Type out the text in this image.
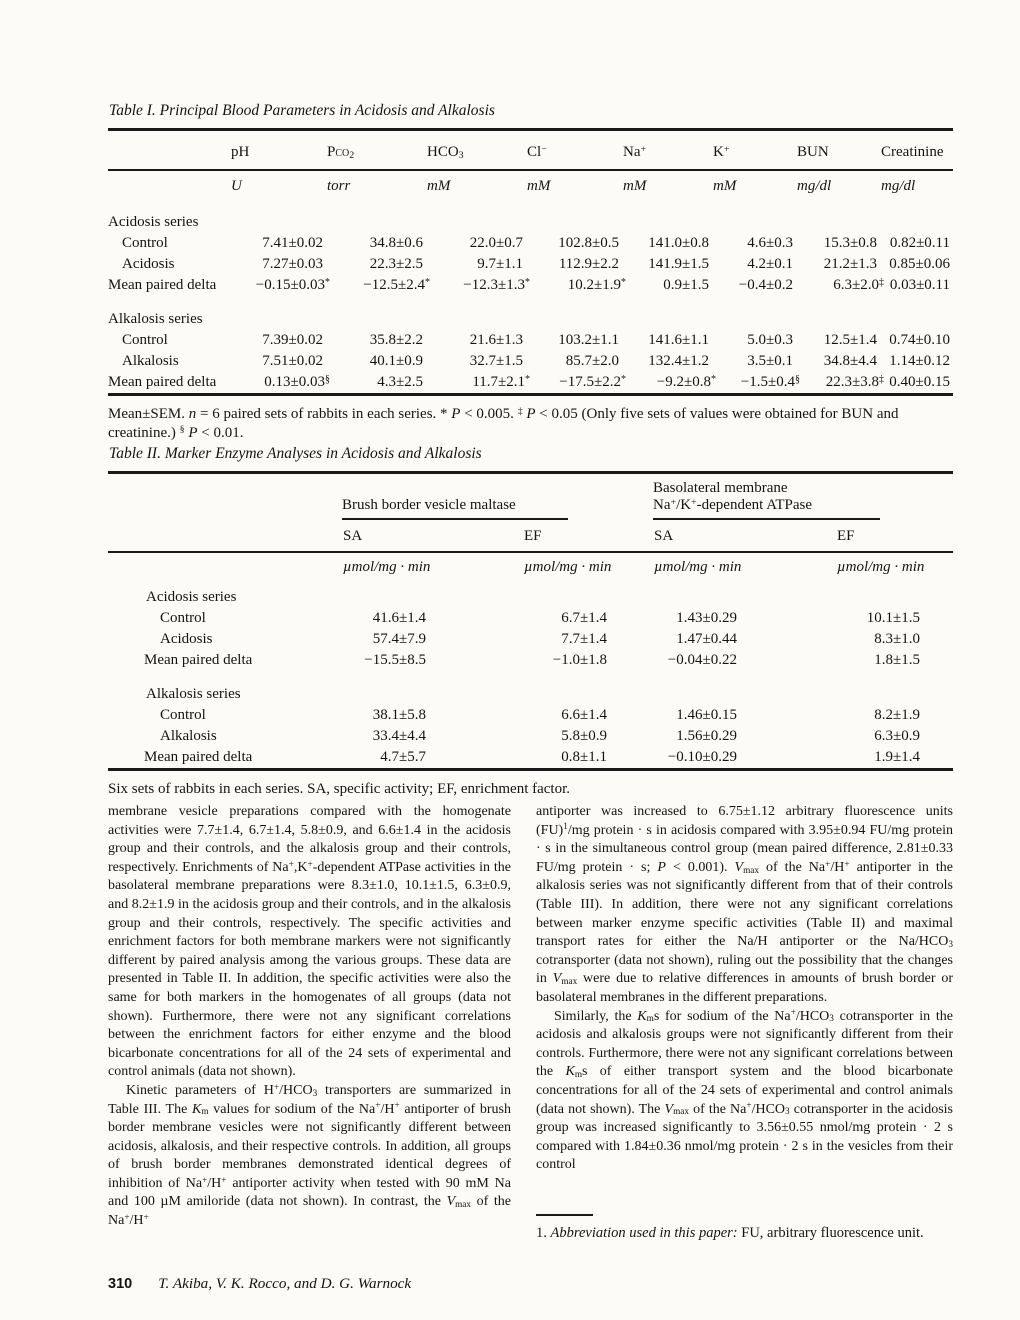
Table I. Principal Blood Parameters in Acidosis and Alkalosis
	pH	Pco$_2$	$HCO_3$	Cl−	Na+	K+	BUN	Creatinine
	U	torr	mM	mM	mM	mM	mg/dl	mg/dl
Acidosis series								
Control	7.41±0.02	34.8±0.6	22.0±0.7	102.8±0.5	141.0±0.8	4.6±0.3	15.3±0.8	0.82±0.11
Acidosis	7.27±0.03	22.3±2.5	9.7±1.1	112.9±2.2	141.9±1.5	4.2±0.1	21.2±1.3	0.85±0.06
Mean paired delta	−0.15±0.03*	−12.5±2.4*	−12.3±1.3*	10.2±1.9*	0.9±1.5	−0.4±0.2	6.3±2.0‡	0.03±0.11
Alkalosis series								
Control	7.39±0.02	35.8±2.2	21.6±1.3	103.2±1.1	141.6±1.1	5.0±0.3	12.5±1.4	0.74±0.10
Alkalosis	7.51±0.02	40.1±0.9	32.7±1.5	85.7±2.0	132.4±1.2	3.5±0.1	34.8±4.4	1.14±0.12
Mean paired delta	0.13±0.03§	4.3±2.5	11.7±2.1*	−17.5±2.2*	−9.2±0.8*	−1.5±0.4§	22.3±3.8‡	0.40±0.15
Mean±SEM. n = 6 paired sets of rabbits in each series. * P < 0.005. ‡ P < 0.05 (Only five sets of values were obtained for BUN and creatinine.) § P < 0.01.
Table II. Marker Enzyme Analyses in Acidosis and Alkalosis

	Brush border vesicle maltase		Basolateral membrane
Na+/K+-dependent ATPase	

	SA	EF	SA	EF
	µmol/mg · min	µmol/mg · min	µmol/mg · min	µmol/mg · min
Acidosis series				
Control	41.6±1.4	6.7±1.4	1.43±0.29	10.1±1.5
Acidosis	57.4±7.9	7.7±1.4	1.47±0.44	8.3±1.0
Mean paired delta	−15.5±8.5	−1.0±1.8	−0.04±0.22	1.8±1.5
Alkalosis series				
Control	38.1±5.8	6.6±1.4	1.46±0.15	8.2±1.9
Alkalosis	33.4±4.4	5.8±0.9	1.56±0.29	6.3±0.9
Mean paired delta	4.7±5.7	0.8±1.1	−0.10±0.29	1.9±1.4
Six sets of rabbits in each series. SA, specific activity; EF, enrichment factor.

membrane vesicle preparations compared with the homogenate activities were 7.7±1.4, 6.7±1.4, 5.8±0.9, and 6.6±1.4 in the acidosis group and their controls, and the alkalosis group and their controls, respectively. Enrichments of Na+,K+-dependent ATPase activities in the basolateral membrane preparations were 8.3±1.0, 10.1±1.5, 6.3±0.9, and 8.2±1.9 in the acidosis group and their controls, and in the alkalosis group and their controls, respectively. The specific activities and enrichment factors for both membrane markers were not significantly different by paired analysis among the various groups. These data are presented in Table II. In addition, the specific activities were also the same for both markers in the homogenates of all groups (data not shown). Furthermore, there were not any significant correlations between the enrichment factors for either enzyme and the blood bicarbonate concentrations for all of the 24 sets of experimental and control animals (data not shown).

Kinetic parameters of $H^+/HCO_3$ transporters are summarized in Table III. The $K_m$ values for sodium of the Na+/H+ antiporter of brush border membrane vesicles were not significantly different between acidosis, alkalosis, and their respective controls. In addition, all groups of brush border membranes demonstrated identical degrees of inhibition of Na+/H+ antiporter activity when tested with 90 mM Na and 100 µM amiloride (data not shown). In contrast, the $V_{max}$ of the Na+/H+

antiporter was increased to 6.75±1.12 arbitrary fluorescence units (FU)$^1$/mg protein · s in acidosis compared with 3.95±0.94 FU/mg protein · s in the simultaneous control group (mean paired difference, 2.81±0.33 FU/mg protein · s; P < 0.001). $V_{max}$ of the Na+/H+ antiporter in the alkalosis series was not significantly different from that of their controls (Table III). In addition, there were not any significant correlations between marker enzyme specific activities (Table II) and maximal transport rates for either the Na/H antiporter or the $Na/HCO_3$ cotransporter (data not shown), ruling out the possibility that the changes in $V_{max}$ were due to relative differences in amounts of brush border or basolateral membranes in the different preparations.

Similarly, the $K_ms$ for sodium of the $Na^+/HCO_3$ cotransporter in the acidosis and alkalosis groups were not significantly different from their controls. Furthermore, there were not any significant correlations between the $K_ms$ of either transport system and the blood bicarbonate concentrations for all of the 24 sets of experimental and control animals (data not shown). The $V_{max}$ of the $Na^+/HCO_3$ cotransporter in the acidosis group was increased significantly to 3.56±0.55 nmol/mg protein · 2 s compared with 1.84±0.36 nmol/mg protein · 2 s in the vesicles from their control

1. Abbreviation used in this paper: FU, arbitrary fluorescence unit.
310 T. Akiba, V. K. Rocco, and D. G. Warnock
